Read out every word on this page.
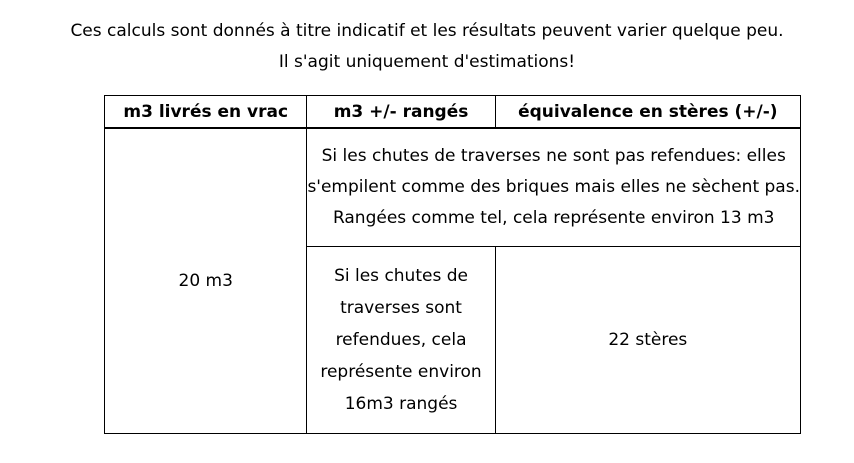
Ces calculs sont donnés à titre indicatif et les résultats peuvent varier quelque peu.
Il s'agit uniquement d'estimations!
m3 livrés en vrac	m3 +/- rangés	équivalence en stères (+/-)
20 m3	Si les chutes de traverses ne sont pas refendues: elles s'empilent comme des briques mais elles ne sèchent pas. Rangées comme tel, cela représente environ 13 m3	
	Si les chutes de traverses sont refendues, cela représente environ 16m3 rangés	22 stères
